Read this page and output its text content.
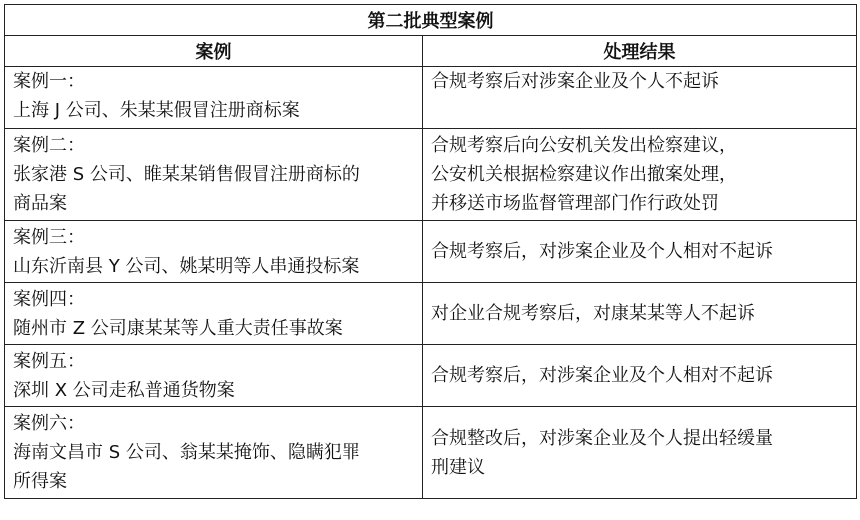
第二批典型案例	
案例	处理结果

案例一：
上海 J 公司、朱某某假冒注册商标案	合规考察后对涉案企业及个人不起诉

案例二：
张家港 S 公司、睢某某销售假冒注册商标的
商品案	合规考察后向公安机关发出检察建议，
公安机关根据检察建议作出撤案处理，
并移送市场监督管理部门作行政处罚

案例三：
山东沂南县 Y 公司、姚某明等人串通投标案	合规考察后，对涉案企业及个人相对不起诉

案例四：
随州市 Z 公司康某某等人重大责任事故案	对企业合规考察后，对康某某等人不起诉

案例五：
深圳 X 公司走私普通货物案	合规考察后，对涉案企业及个人相对不起诉

案例六：
海南文昌市 S 公司、翁某某掩饰、隐瞒犯罪
所得案	合规整改后，对涉案企业及个人提出轻缓量
刑建议
